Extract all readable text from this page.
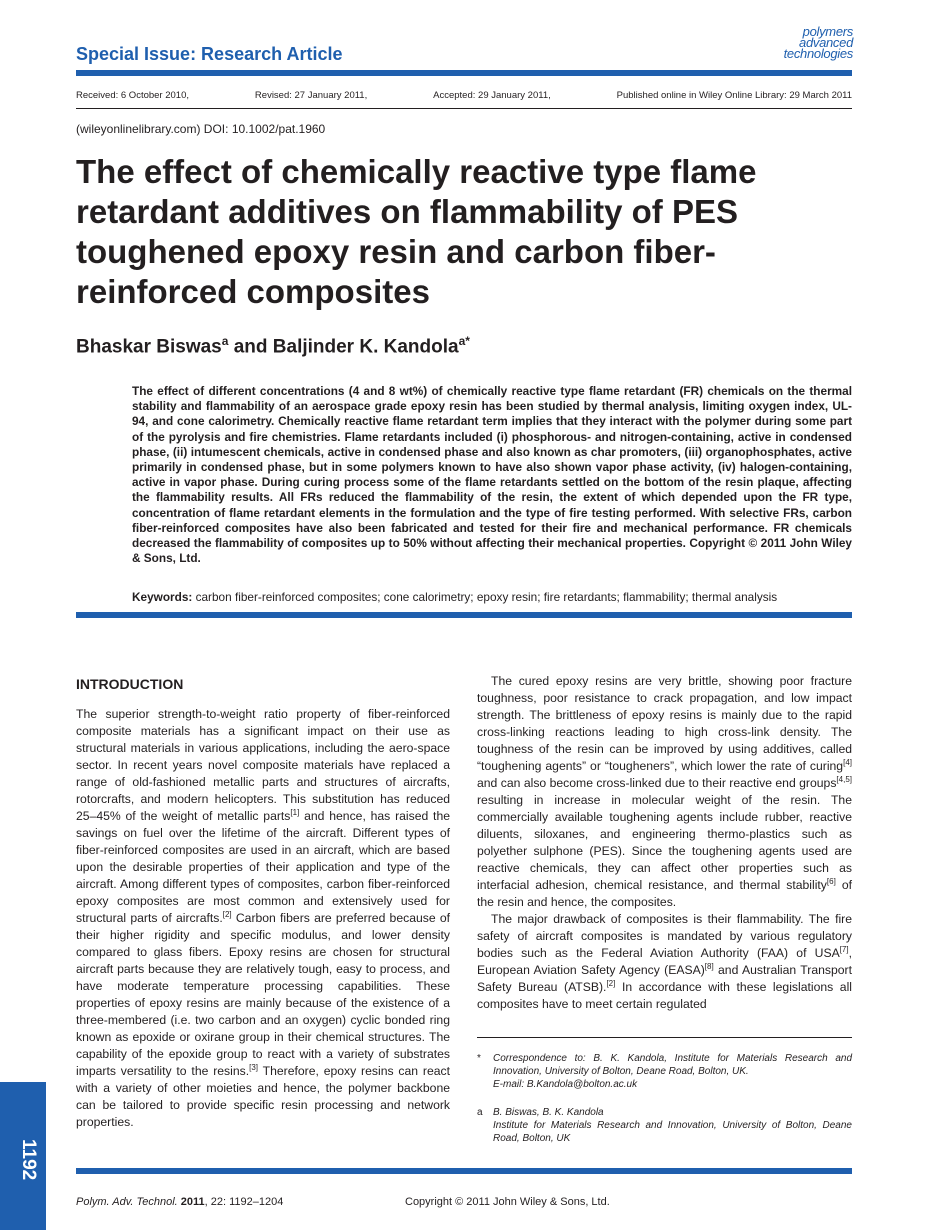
Special Issue: Research Article
polymers
advanced
technologies
Received: 6 October 2010,	Revised: 27 January 2011,	Accepted: 29 January 2011,	Published online in Wiley Online Library: 29 March 2011
(wileyonlinelibrary.com) DOI: 10.1002/pat.1960
The effect of chemically reactive type flame retardant additives on flammability of PES toughened epoxy resin and carbon fiber-reinforced composites
Bhaskar Biswas$^a$ and Baljinder K. Kandola$^{a*}$
The effect of different concentrations (4 and 8 wt%) of chemically reactive type flame retardant (FR) chemicals on the thermal stability and flammability of an aerospace grade epoxy resin has been studied by thermal analysis, limiting oxygen index, UL-94, and cone calorimetry. Chemically reactive flame retardant term implies that they interact with the polymer during some part of the pyrolysis and fire chemistries. Flame retardants included (i) phosphorous- and nitrogen-containing, active in condensed phase, (ii) intumescent chemicals, active in condensed phase and also known as char promoters, (iii) organophosphates, active primarily in condensed phase, but in some polymers known to have also shown vapor phase activity, (iv) halogen-containing, active in vapor phase. During curing process some of the flame retardants settled on the bottom of the resin plaque, affecting the flammability results. All FRs reduced the flammability of the resin, the extent of which depended upon the FR type, concentration of flame retardant elements in the formulation and the type of fire testing performed. With selective FRs, carbon fiber-reinforced composites have also been fabricated and tested for their fire and mechanical performance. FR chemicals decreased the flammability of composites up to 50% without affecting their mechanical properties. Copyright © 2011 John Wiley & Sons, Ltd.
Keywords: carbon fiber-reinforced composites; cone calorimetry; epoxy resin; fire retardants; flammability; thermal analysis
INTRODUCTION
The superior strength-to-weight ratio property of fiber-reinforced composite materials has a significant impact on their use as structural materials in various applications, including the aero-space sector. In recent years novel composite materials have replaced a range of old-fashioned metallic parts and structures of aircrafts, rotorcrafts, and modern helicopters. This substitution has reduced 25–45% of the weight of metallic parts[1] and hence, has raised the savings on fuel over the lifetime of the aircraft. Different types of fiber-reinforced composites are used in an aircraft, which are based upon the desirable properties of their application and type of the aircraft. Among different types of composites, carbon fiber-reinforced epoxy composites are most common and extensively used for structural parts of aircrafts.[2] Carbon fibers are preferred because of their higher rigidity and specific modulus, and lower density compared to glass fibers. Epoxy resins are chosen for structural aircraft parts because they are relatively tough, easy to process, and have moderate temperature processing capabilities. These properties of epoxy resins are mainly because of the existence of a three-membered (i.e. two carbon and an oxygen) cyclic bonded ring known as epoxide or oxirane group in their chemical structures. The capability of the epoxide group to react with a variety of substrates imparts versatility to the resins.[3] Therefore, epoxy resins can react with a variety of other moieties and hence, the polymer backbone can be tailored to provide specific resin processing and network properties.
The cured epoxy resins are very brittle, showing poor fracture toughness, poor resistance to crack propagation, and low impact strength. The brittleness of epoxy resins is mainly due to the rapid cross-linking reactions leading to high cross-link density. The toughness of the resin can be improved by using additives, called “toughening agents” or “tougheners”, which lower the rate of curing[4] and can also become cross-linked due to their reactive end groups[4,5] resulting in increase in molecular weight of the resin. The commercially available toughening agents include rubber, reactive diluents, siloxanes, and engineering thermo-plastics such as polyether sulphone (PES). Since the toughening agents used are reactive chemicals, they can affect other properties such as interfacial adhesion, chemical resistance, and thermal stability[6] of the resin and hence, the composites.
The major drawback of composites is their flammability. The fire safety of aircraft composites is mandated by various regulatory bodies such as the Federal Aviation Authority (FAA) of USA[7], European Aviation Safety Agency (EASA)[8] and Australian Transport Safety Bureau (ATSB).[2] In accordance with these legislations all composites have to meet certain regulated
* Correspondence to: B. K. Kandola, Institute for Materials Research and Innovation, University of Bolton, Deane Road, Bolton, UK.
E-mail: B.Kandola@bolton.ac.uk
a B. Biswas, B. K. Kandola
Institute for Materials Research and Innovation, University of Bolton, Deane Road, Bolton, UK
1192
Polym. Adv. Technol. 2011, 22: 1192–1204	Copyright © 2011 John Wiley & Sons, Ltd.
